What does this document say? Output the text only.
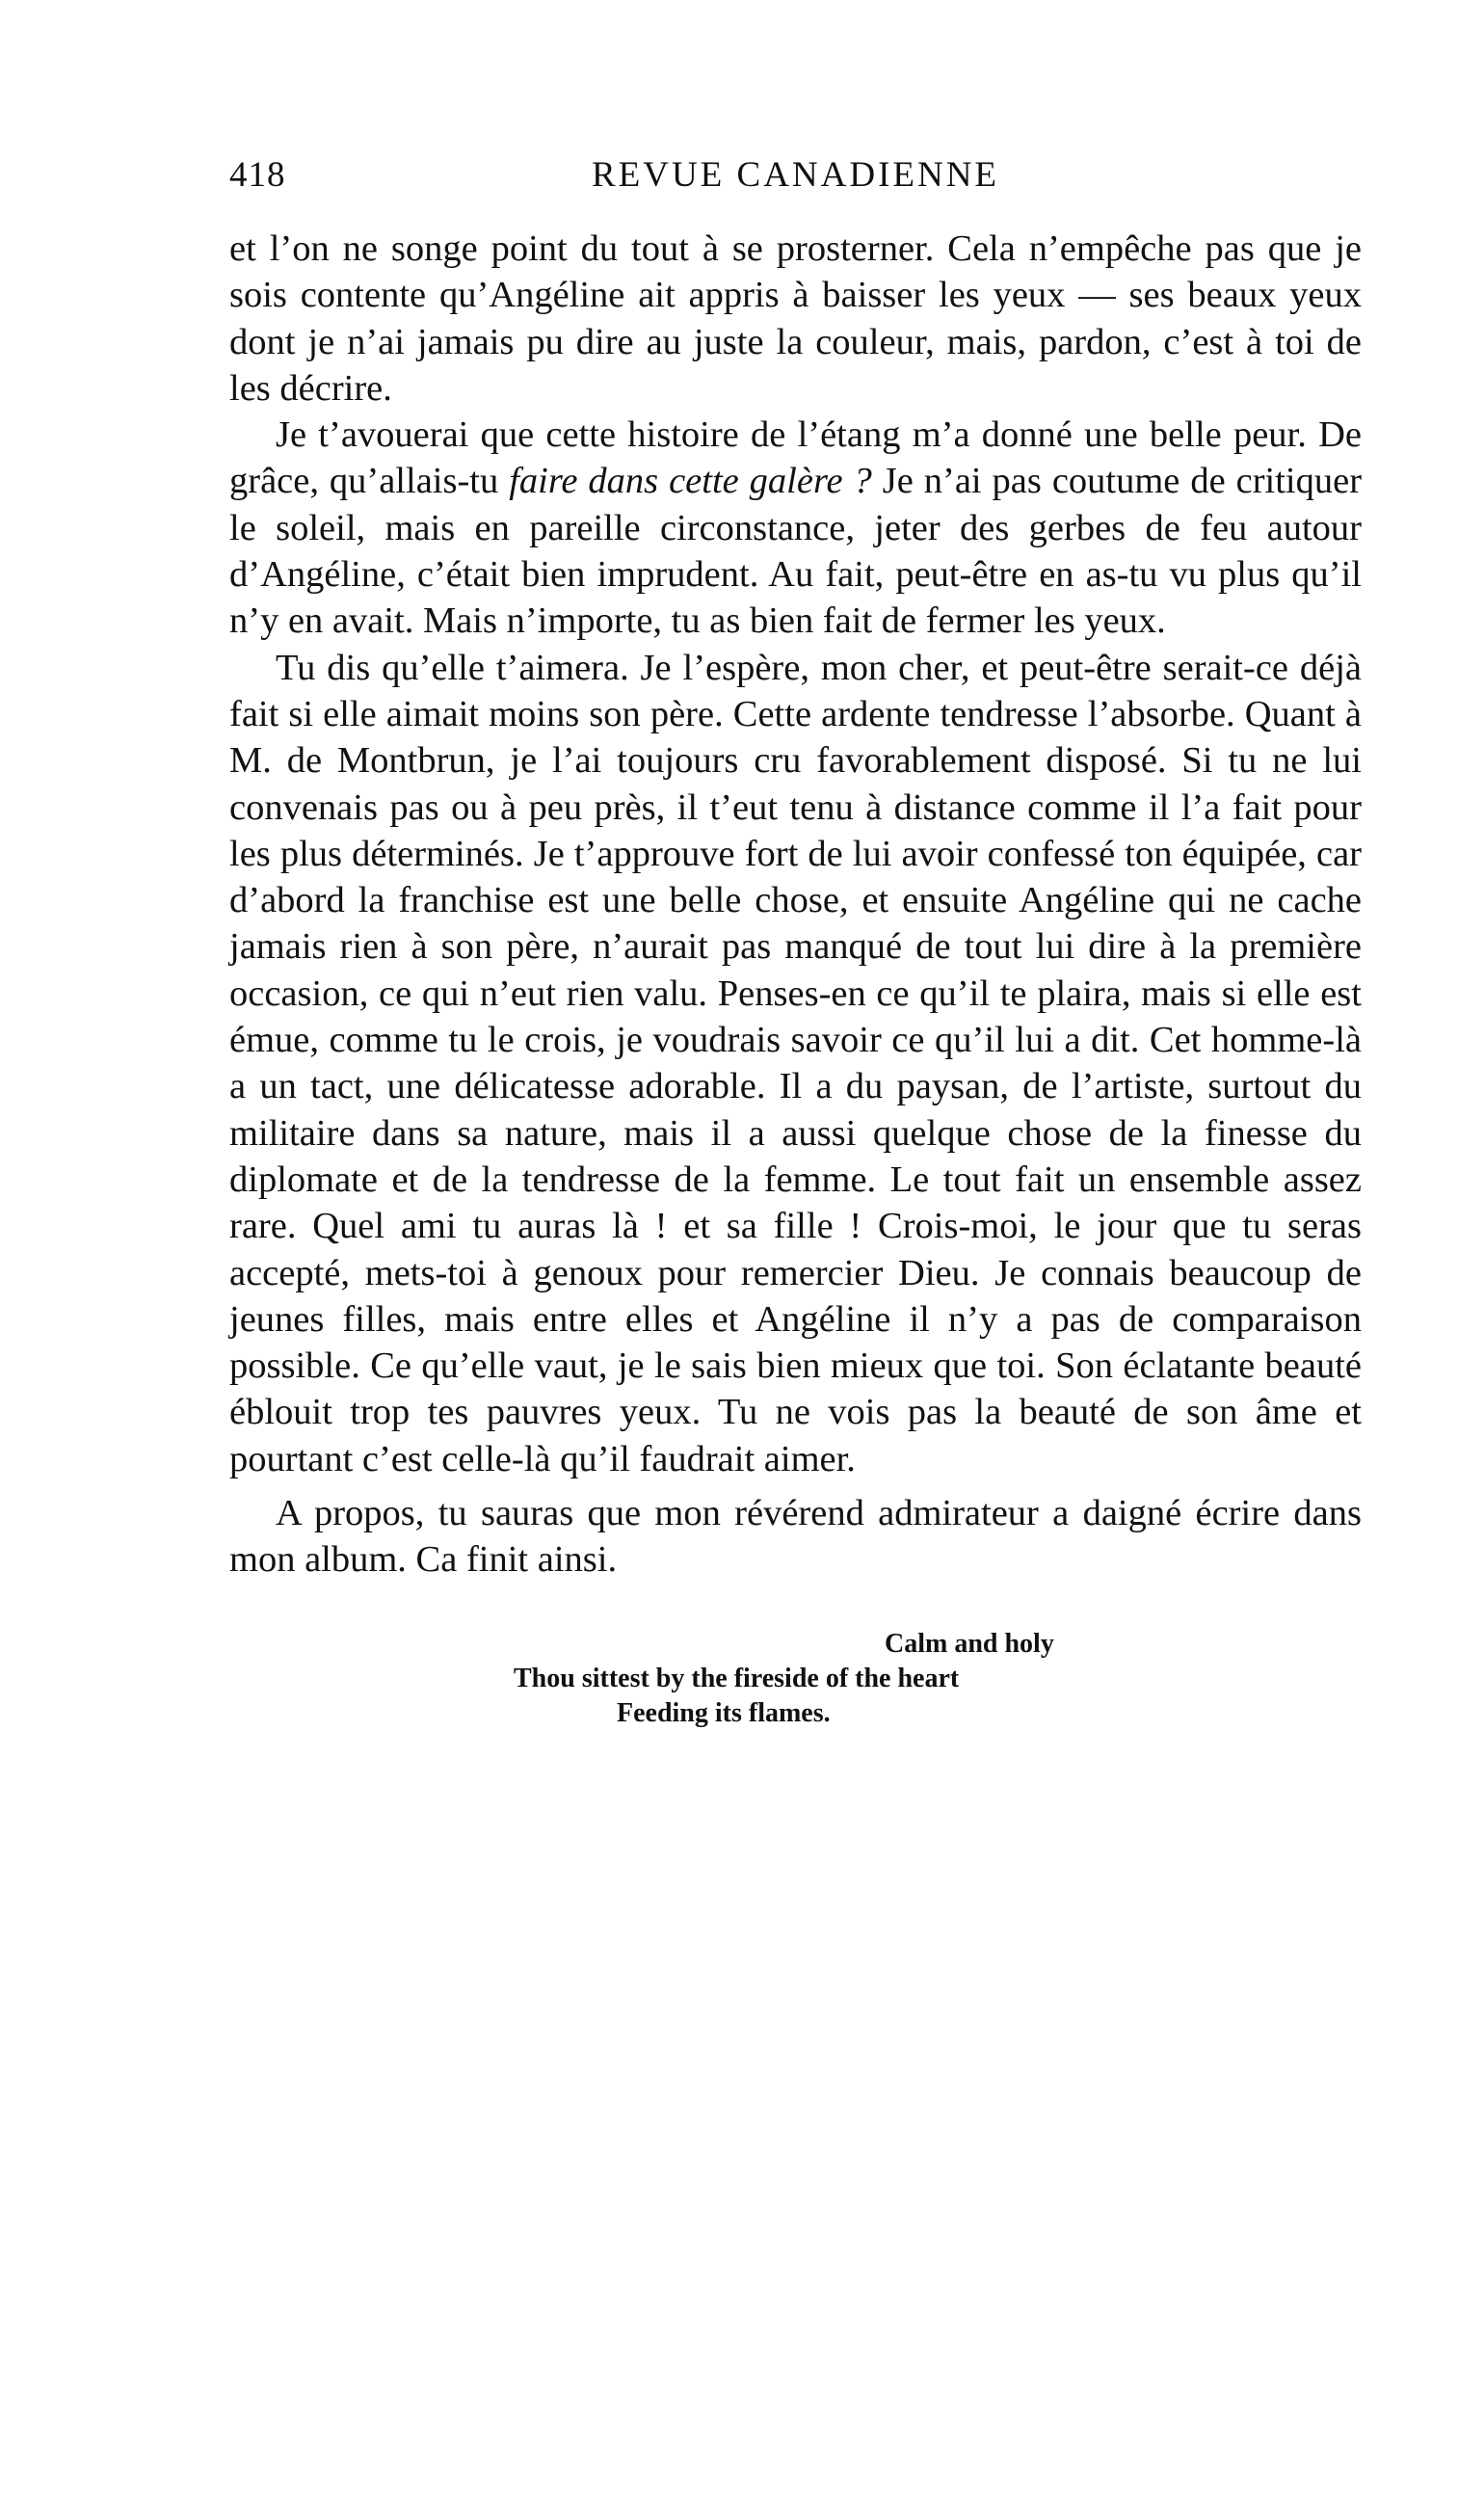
418	REVUE CANADIENNE

et l’on ne songe point du tout à se prosterner. Cela n’empêche pas que je sois contente qu’Angéline ait appris à baisser les yeux — ses beaux yeux dont je n’ai jamais pu dire au juste la couleur, mais, pardon, c’est à toi de les décrire.

Je t’avouerai que cette histoire de l’étang m’a donné une belle peur. De grâce, qu’allais-tu faire dans cette galère ? Je n’ai pas coutume de critiquer le soleil, mais en pareille circonstance, jeter des gerbes de feu autour d’Angéline, c’était bien imprudent. Au fait, peut-être en as-tu vu plus qu’il n’y en avait. Mais n’importe, tu as bien fait de fermer les yeux.

Tu dis qu’elle t’aimera. Je l’espère, mon cher, et peut-être serait-ce déjà fait si elle aimait moins son père. Cette ardente tendresse l’absorbe. Quant à M. de Montbrun, je l’ai toujours cru favorablement disposé. Si tu ne lui convenais pas ou à peu près, il t’eut tenu à distance comme il l’a fait pour les plus déterminés. Je t’approuve fort de lui avoir confessé ton équipée, car d’abord la franchise est une belle chose, et ensuite Angéline qui ne cache jamais rien à son père, n’aurait pas manqué de tout lui dire à la première occasion, ce qui n’eut rien valu. Penses-en ce qu’il te plaira, mais si elle est émue, comme tu le crois, je voudrais savoir ce qu’il lui a dit. Cet homme-là a un tact, une délicatesse adorable. Il a du paysan, de l’artiste, surtout du militaire dans sa nature, mais il a aussi quelque chose de la finesse du diplomate et de la tendresse de la femme. Le tout fait un ensemble assez rare. Quel ami tu auras là ! et sa fille ! Crois-moi, le jour que tu seras accepté, mets-toi à genoux pour remercier Dieu. Je connais beaucoup de jeunes filles, mais entre elles et Angéline il n’y a pas de comparaison possible. Ce qu’elle vaut, je le sais bien mieux que toi. Son éclatante beauté éblouit trop tes pauvres yeux. Tu ne vois pas la beauté de son âme et pourtant c’est celle-là qu’il faudrait aimer.

A propos, tu sauras que mon révérend admirateur a daigné écrire dans mon album. Ca finit ainsi.

Calm and holy
Thou sittest by the fireside of the heart
Feeding its flames.
